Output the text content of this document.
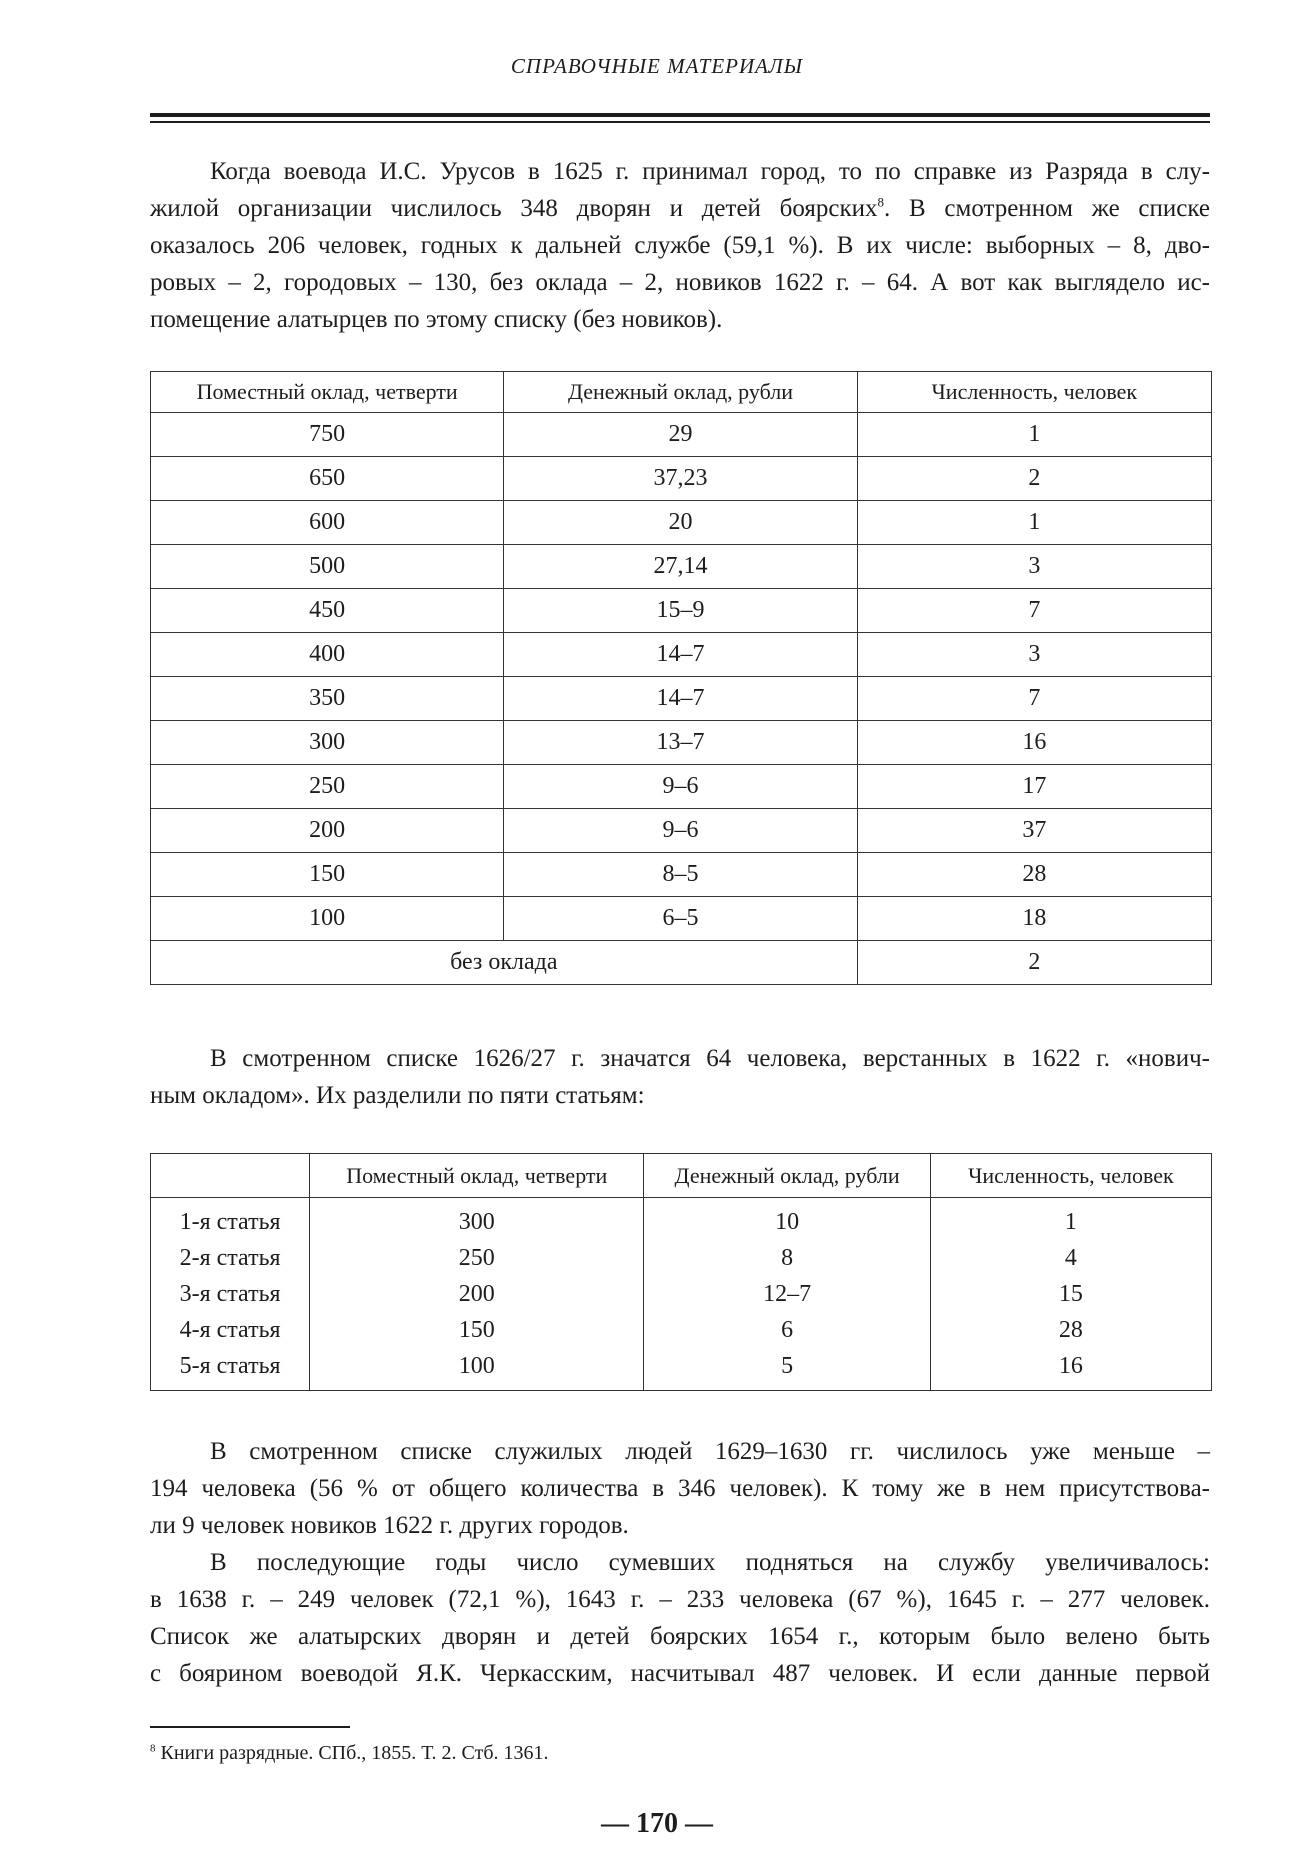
СПРАВОЧНЫЕ МАТЕРИАЛЫ
Когда воевода И.С. Урусов в 1625 г. принимал город, то по справке из Разряда в слу-
жилой организации числилось 348 дворян и детей боярских$^8$. В смотренном же списке
оказалось 206 человек, годных к дальней службе (59,1 %). В их числе: выборных – 8, дво-
ровых – 2, городовых – 130, без оклада – 2, новиков 1622 г. – 64. А вот как выглядело ис-
помещение алатырцев по этому списку (без новиков).
Поместный оклад, четверти	Денежный оклад, рубли	Численность, человек
750	29	1
650	37,23	2
600	20	1
500	27,14	3
450	15–9	7
400	14–7	3
350	14–7	7
300	13–7	16
250	9–6	17
200	9–6	37
150	8–5	28
100	6–5	18
без оклада		2
В смотренном списке 1626/27 г. значатся 64 человека, верстанных в 1622 г. «нович-
ным окладом». Их разделили по пяти статьям:
	Поместный оклад, четверти	Денежный оклад, рубли	Численность, человек
1-я статья	300	10	1
2-я статья	250	8	4
3-я статья	200	12–7	15
4-я статья	150	6	28
5-я статья	100	5	16
В смотренном списке служилых людей 1629–1630 гг. числилось уже меньше –
194 человека (56 % от общего количества в 346 человек). К тому же в нем присутствова-
ли 9 человек новиков 1622 г. других городов.
В последующие годы число сумевших подняться на службу увеличивалось:
в 1638 г. – 249 человек (72,1 %), 1643 г. – 233 человека (67 %), 1645 г. – 277 человек.
Список же алатырских дворян и детей боярских 1654 г., которым было велено быть
с боярином воеводой Я.К. Черкасским, насчитывал 487 человек. И если данные первой
$^8$ Книги разрядные. СПб., 1855. Т. 2. Стб. 1361.
— 170 —
